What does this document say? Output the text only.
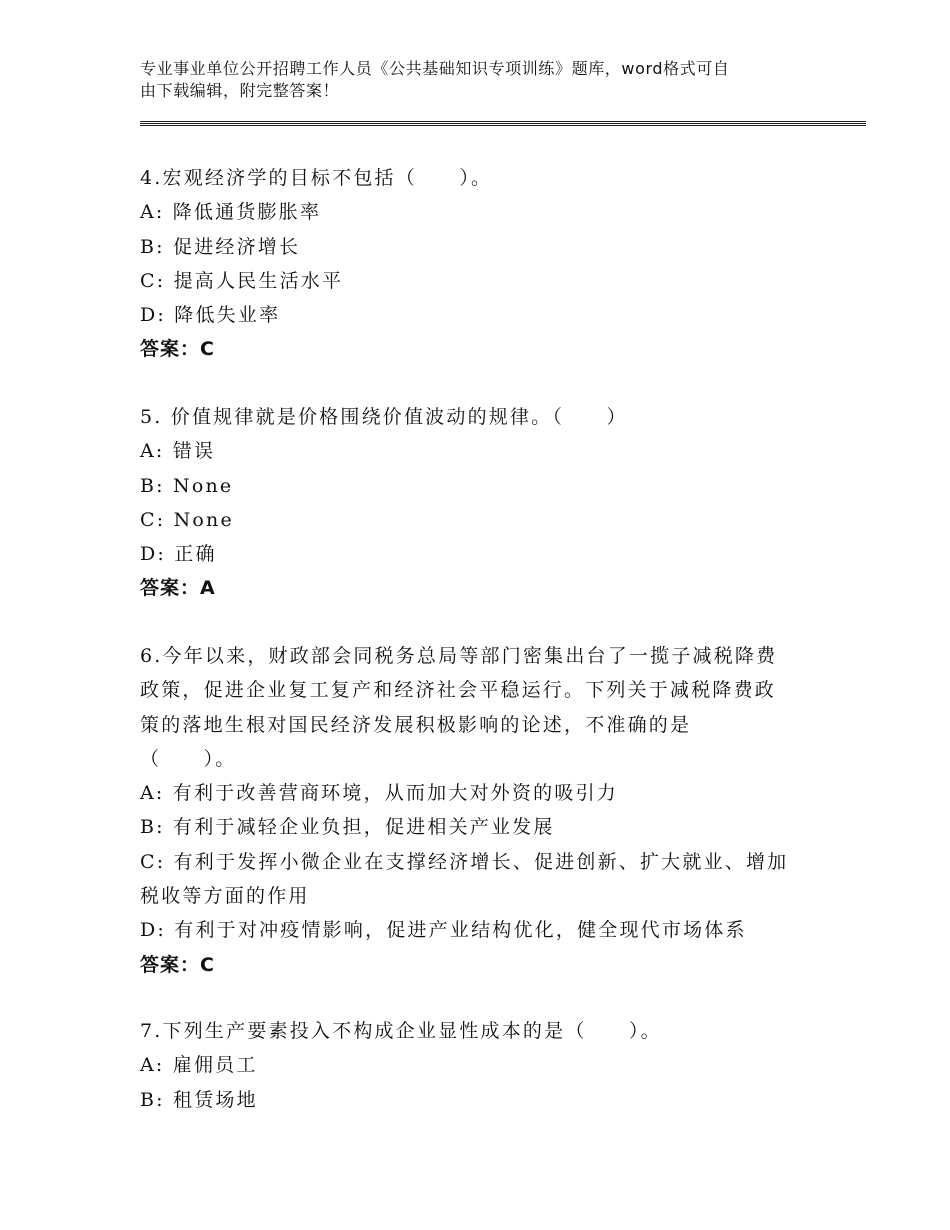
专业事业单位公开招聘工作人员《公共基础知识专项训练》题库，word格式可自
由下载编辑，附完整答案！
4.宏观经济学的目标不包括（　　）。
A: 降低通货膨胀率
B: 促进经济增长
C: 提高人民生活水平
D: 降低失业率
答案：C
5. 价值规律就是价格围绕价值波动的规律。（　　）
A: 错误
B: None
C: None
D: 正确
答案：A
6.今年以来，财政部会同税务总局等部门密集出台了一揽子减税降费
政策，促进企业复工复产和经济社会平稳运行。下列关于减税降费政
策的落地生根对国民经济发展积极影响的论述，不准确的是
（　　）。
A: 有利于改善营商环境，从而加大对外资的吸引力
B: 有利于减轻企业负担，促进相关产业发展
C: 有利于发挥小微企业在支撑经济增长、促进创新、扩大就业、增加
税收等方面的作用
D: 有利于对冲疫情影响，促进产业结构优化，健全现代市场体系
答案：C
7.下列生产要素投入不构成企业显性成本的是（　　）。
A: 雇佣员工
B: 租赁场地
